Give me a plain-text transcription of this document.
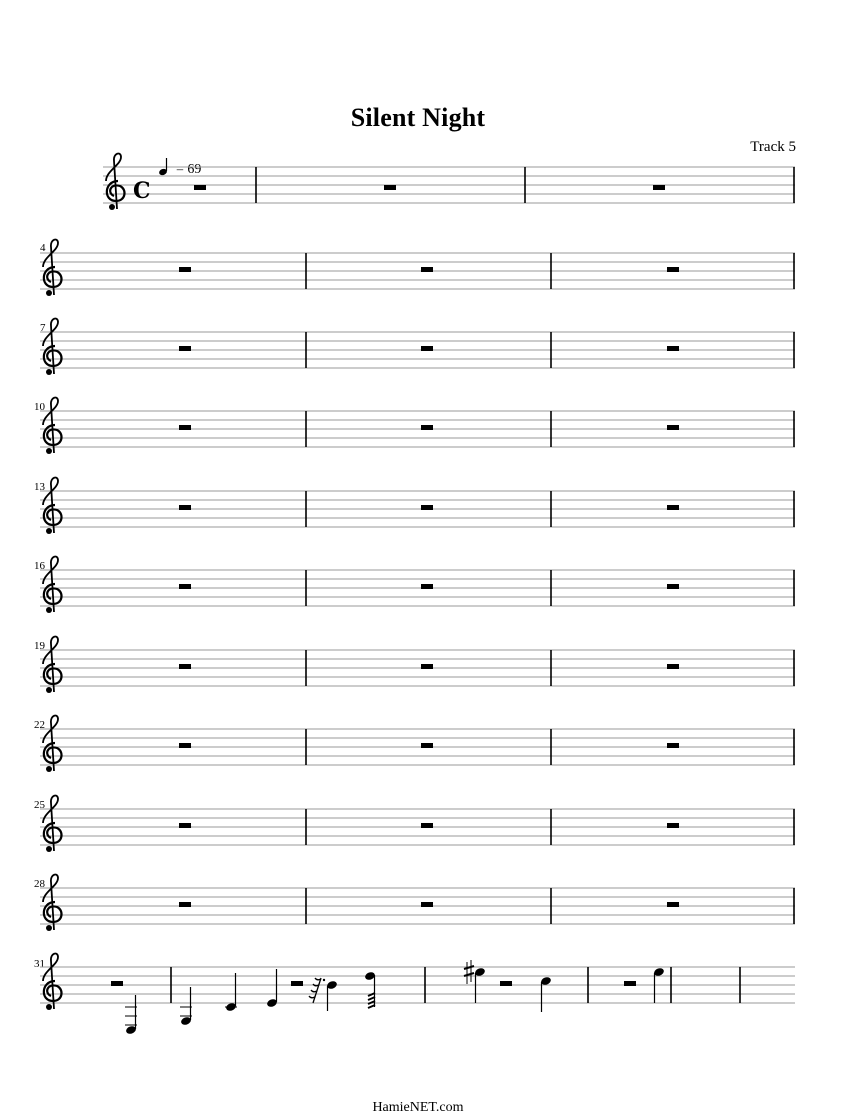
Silent Night
Track 5
= 69
4
7
10
13
16
19
22
25
28
31
C
HamieNET.com
